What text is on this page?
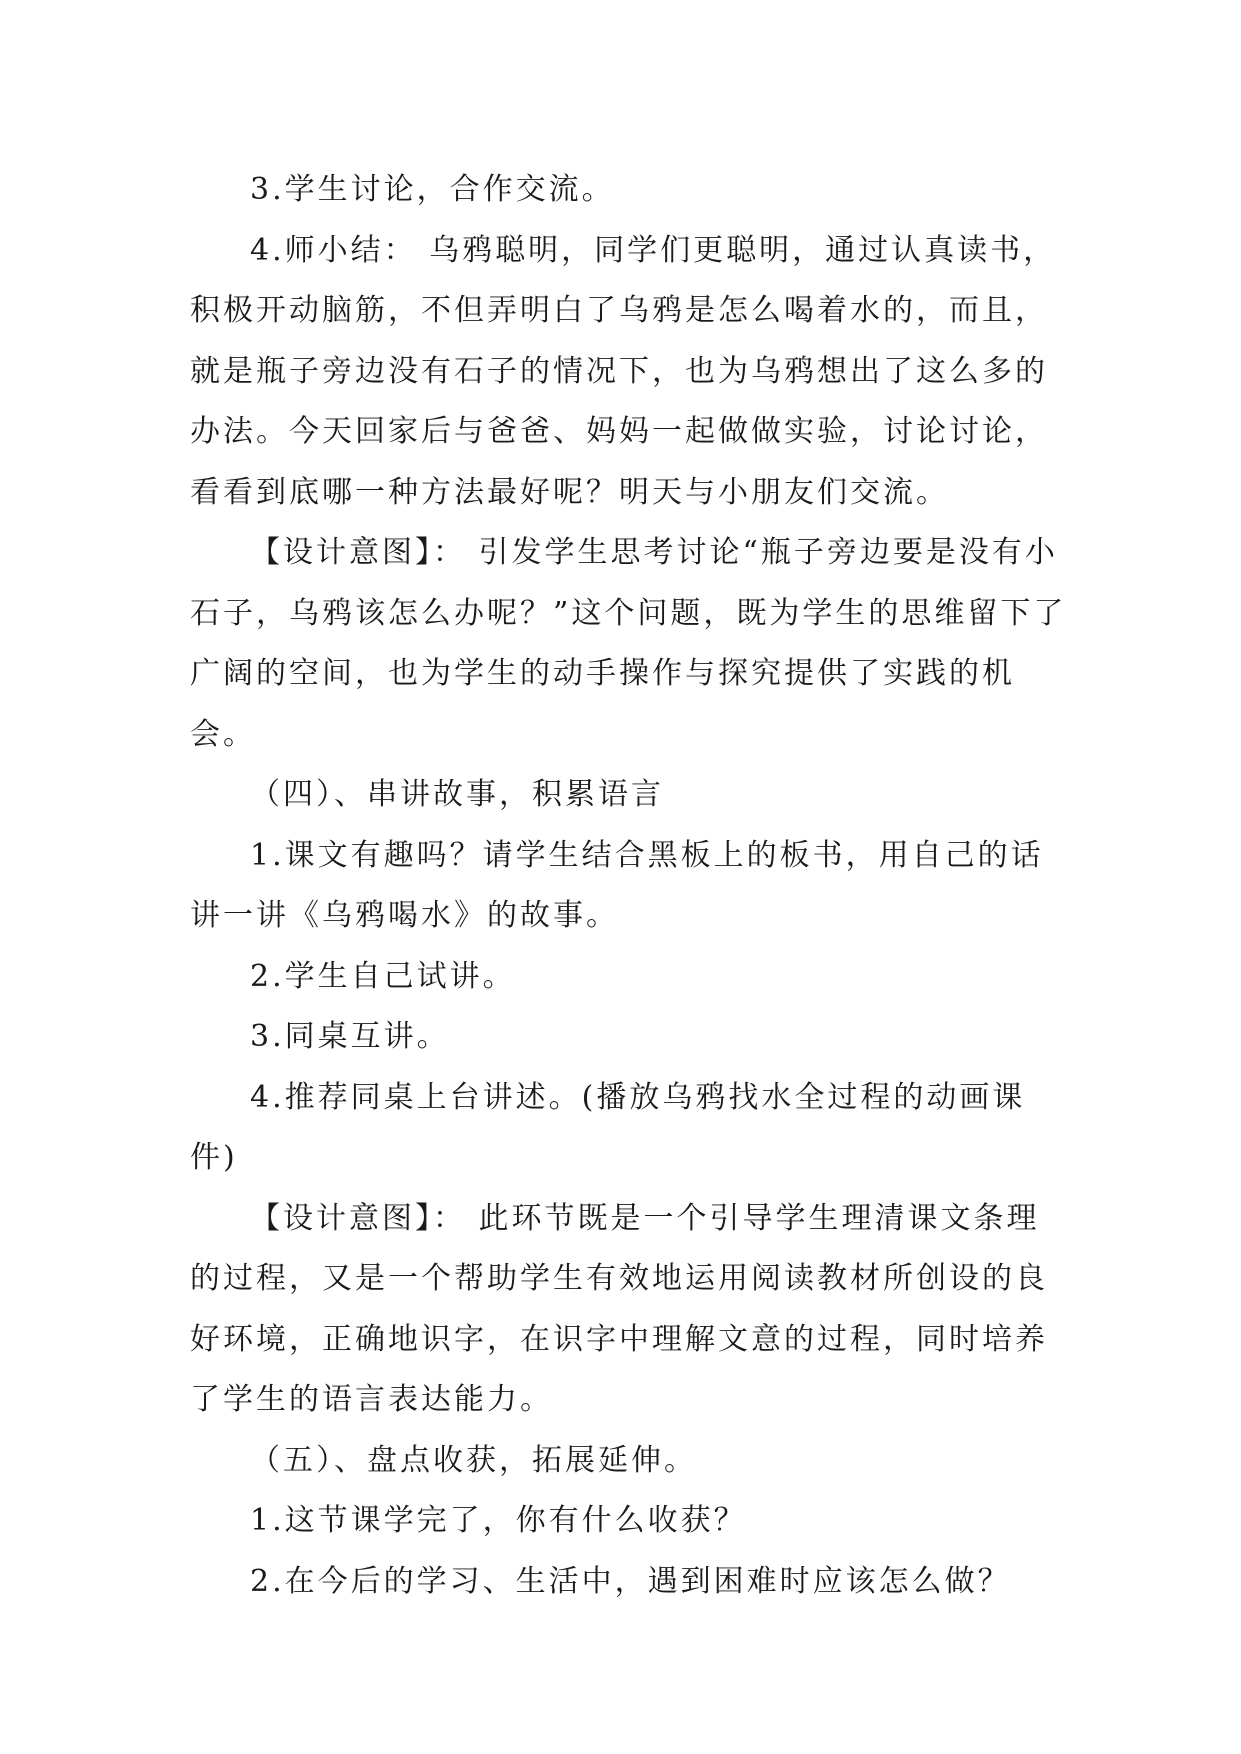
3.学生讨论，合作交流。

4.师小结： 乌鸦聪明，同学们更聪明，通过认真读书，积极开动脑筋，不但弄明白了乌鸦是怎么喝着水的，而且，就是瓶子旁边没有石子的情况下，也为乌鸦想出了这么多的办法。今天回家后与爸爸、妈妈一起做做实验，讨论讨论，看看到底哪一种方法最好呢？明天与小朋友们交流。

【设计意图】： 引发学生思考讨论“瓶子旁边要是没有小石子，乌鸦该怎么办呢？”这个问题，既为学生的思维留下了广阔的空间，也为学生的动手操作与探究提供了实践的机会。

（四）、串讲故事，积累语言

1.课文有趣吗？请学生结合黑板上的板书，用自己的话讲一讲《乌鸦喝水》的故事。

2.学生自己试讲。

3.同桌互讲。

4.推荐同桌上台讲述。(播放乌鸦找水全过程的动画课件)

【设计意图】： 此环节既是一个引导学生理清课文条理的过程，又是一个帮助学生有效地运用阅读教材所创设的良好环境，正确地识字，在识字中理解文意的过程，同时培养了学生的语言表达能力。

（五）、盘点收获，拓展延伸。

1.这节课学完了，你有什么收获？

2.在今后的学习、生活中，遇到困难时应该怎么做？
